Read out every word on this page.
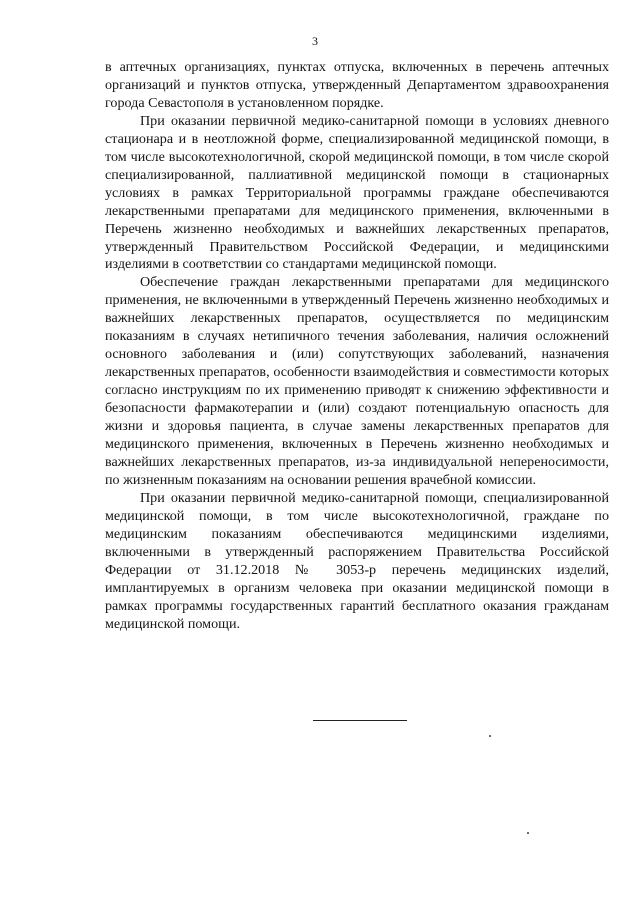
3

в аптечных организациях, пунктах отпуска, включенных в перечень аптечных организаций и пунктов отпуска, утвержденный Департаментом здравоохранения города Севастополя в установленном порядке.

При оказании первичной медико-санитарной помощи в условиях дневного стационара и в неотложной форме, специализированной медицинской помощи, в том числе высокотехнологичной, скорой медицинской помощи, в том числе скорой специализированной, паллиативной медицинской помощи в стационарных условиях в рамках Территориальной программы граждане обеспечиваются лекарственными препаратами для медицинского применения, включенными в Перечень жизненно необходимых и важнейших лекарственных препаратов, утвержденный Правительством Российской Федерации, и медицинскими изделиями в соответствии со стандартами медицинской помощи.

Обеспечение граждан лекарственными препаратами для медицинского применения, не включенными в утвержденный Перечень жизненно необходимых и важнейших лекарственных препаратов, осуществляется по медицинским показаниям в случаях нетипичного течения заболевания, наличия осложнений основного заболевания и (или) сопутствующих заболеваний, назначения лекарственных препаратов, особенности взаимодействия и совместимости которых согласно инструкциям по их применению приводят к снижению эффективности и безопасности фармакотерапии и (или) создают потенциальную опасность для жизни и здоровья пациента, в случае замены лекарственных препаратов для медицинского применения, включенных в Перечень жизненно необходимых и важнейших лекарственных препаратов, из-за индивидуальной непереносимости, по жизненным показаниям на основании решения врачебной комиссии.

При оказании первичной медико-санитарной помощи, специализированной медицинской помощи, в том числе высокотехнологичной, граждане по медицинским показаниям обеспечиваются медицинскими изделиями, включенными в утвержденный распоряжением Правительства Российской Федерации от 31.12.2018 № 3053-р перечень медицинских изделий, имплантируемых в организм человека при оказании медицинской помощи в рамках программы государственных гарантий бесплатного оказания гражданам медицинской помощи.
